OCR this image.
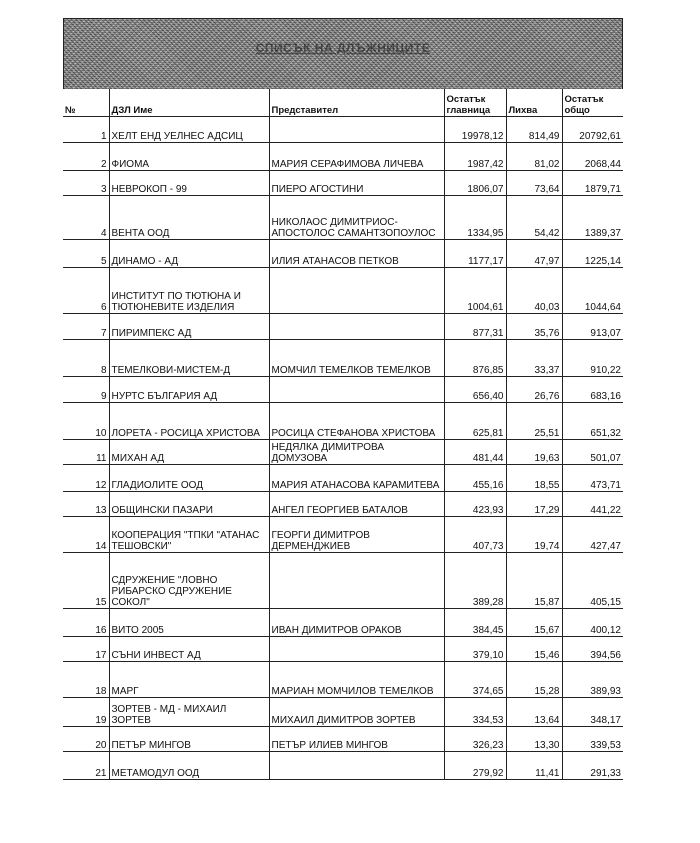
СПИСЪК НА ДЛЪЖНИЦИТЕ
№	ДЗЛ Име	Представител	Остатък главница	Лихва	Остатък общо
1	ХЕЛТ ЕНД УЕЛНЕС АДСИЦ		19978,12	814,49	20792,61
2	ФИОМА	МАРИЯ СЕРАФИМОВА ЛИЧЕВА	1987,42	81,02	2068,44
3	НЕВРОКОП - 99	ПИЕРО АГОСТИНИ	1806,07	73,64	1879,71
4	ВЕНТА ООД	НИКОЛАОС ДИМИТРИОС-АПОСТОЛОС САМАНТЗОПОУЛОС	1334,95	54,42	1389,37
5	ДИНАМО - АД	ИЛИЯ АТАНАСОВ ПЕТКОВ	1177,17	47,97	1225,14
6	ИНСТИТУТ ПО ТЮТЮНА И ТЮТЮНЕВИТЕ ИЗДЕЛИЯ		1004,61	40,03	1044,64
7	ПИРИМПЕКС АД		877,31	35,76	913,07
8	ТЕМЕЛКОВИ-МИСТЕМ-Д	МОМЧИЛ ТЕМЕЛКОВ ТЕМЕЛКОВ	876,85	33,37	910,22
9	НУРТС БЪЛГАРИЯ АД		656,40	26,76	683,16
10	ЛОРЕТА - РОСИЦА ХРИСТОВА	РОСИЦА СТЕФАНОВА ХРИСТОВА	625,81	25,51	651,32
11	МИХАН АД	НЕДЯЛКА ДИМИТРОВА ДОМУЗОВА	481,44	19,63	501,07
12	ГЛАДИОЛИТЕ ООД	МАРИЯ АТАНАСОВА КАРАМИТЕВА	455,16	18,55	473,71
13	ОБЩИНСКИ ПАЗАРИ	АНГЕЛ ГЕОРГИЕВ БАТАЛОВ	423,93	17,29	441,22
14	КООПЕРАЦИЯ "ТПКИ "АТАНАС ТЕШОВСКИ"	ГЕОРГИ ДИМИТРОВ ДЕРМЕНДЖИЕВ	407,73	19,74	427,47
15	СДРУЖЕНИЕ "ЛОВНО РИБАРСКО СДРУЖЕНИЕ СОКОЛ"		389,28	15,87	405,15
16	ВИТО 2005	ИВАН ДИМИТРОВ ОРАКОВ	384,45	15,67	400,12
17	СЪНИ ИНВЕСТ АД		379,10	15,46	394,56
18	МАРГ	МАРИАН МОМЧИЛОВ ТЕМЕЛКОВ	374,65	15,28	389,93
19	ЗОРТЕВ - МД - МИХАИЛ ЗОРТЕВ	МИХАИЛ ДИМИТРОВ ЗОРТЕВ	334,53	13,64	348,17
20	ПЕТЪР МИНГОВ	ПЕТЪР ИЛИЕВ МИНГОВ	326,23	13,30	339,53
21	МЕТАМОДУЛ ООД		279,92	11,41	291,33
